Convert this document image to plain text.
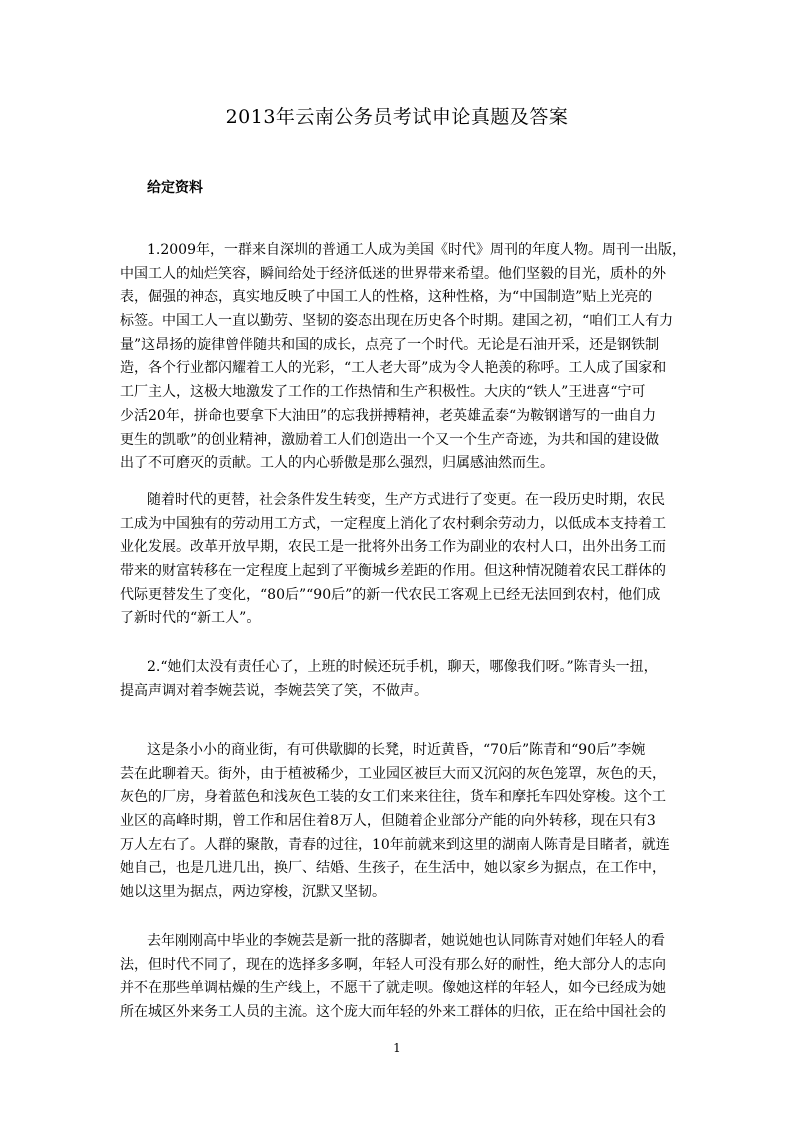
2013年云南公务员考试申论真题及答案
给定资料
1.2009年，一群来自深圳的普通工人成为美国《时代》周刊的年度人物。周刊一出版，
中国工人的灿烂笑容，瞬间给处于经济低迷的世界带来希望。他们坚毅的目光，质朴的外
表，倔强的神态，真实地反映了中国工人的性格，这种性格，为“中国制造”贴上光亮的
标签。中国工人一直以勤劳、坚韧的姿态出现在历史各个时期。建国之初，“咱们工人有力
量”这昂扬的旋律曾伴随共和国的成长，点亮了一个时代。无论是石油开采，还是钢铁制
造，各个行业都闪耀着工人的光彩，“工人老大哥”成为令人艳羡的称呼。工人成了国家和
工厂主人，这极大地激发了工作的工作热情和生产积极性。大庆的“铁人”王进喜“宁可
少活20年，拼命也要拿下大油田”的忘我拼搏精神，老英雄孟泰“为鞍钢谱写的一曲自力
更生的凯歌”的创业精神，激励着工人们创造出一个又一个生产奇迹，为共和国的建设做
出了不可磨灭的贡献。工人的内心骄傲是那么强烈，归属感油然而生。
随着时代的更替，社会条件发生转变，生产方式进行了变更。在一段历史时期，农民
工成为中国独有的劳动用工方式，一定程度上消化了农村剩余劳动力，以低成本支持着工
业化发展。改革开放早期，农民工是一批将外出务工作为副业的农村人口，出外出务工而
带来的财富转移在一定程度上起到了平衡城乡差距的作用。但这种情况随着农民工群体的
代际更替发生了变化，“80后”“90后”的新一代农民工客观上已经无法回到农村，他们成
了新时代的“新工人”。
2.“她们太没有责任心了，上班的时候还玩手机，聊天，哪像我们呀。”陈青头一扭，
提高声调对着李婉芸说，李婉芸笑了笑，不做声。
这是条小小的商业街，有可供歇脚的长凳，时近黄昏，“70后”陈青和“90后”李婉
芸在此聊着天。街外，由于植被稀少，工业园区被巨大而又沉闷的灰色笼罩，灰色的天，
灰色的厂房，身着蓝色和浅灰色工装的女工们来来往往，货车和摩托车四处穿梭。这个工
业区的高峰时期，曾工作和居住着8万人，但随着企业部分产能的向外转移，现在只有3
万人左右了。人群的聚散，青春的过往，10年前就来到这里的湖南人陈青是目睹者，就连
她自己，也是几进几出，换厂、结婚、生孩子，在生活中，她以家乡为据点，在工作中，
她以这里为据点，两边穿梭，沉默又坚韧。
去年刚刚高中毕业的李婉芸是新一批的落脚者，她说她也认同陈青对她们年轻人的看
法，但时代不同了，现在的选择多多啊，年轻人可没有那么好的耐性，绝大部分人的志向
并不在那些单调枯燥的生产线上，不愿干了就走呗。像她这样的年轻人，如今已经成为她
所在城区外来务工人员的主流。这个庞大而年轻的外来工群体的归依，正在给中国社会的
1
